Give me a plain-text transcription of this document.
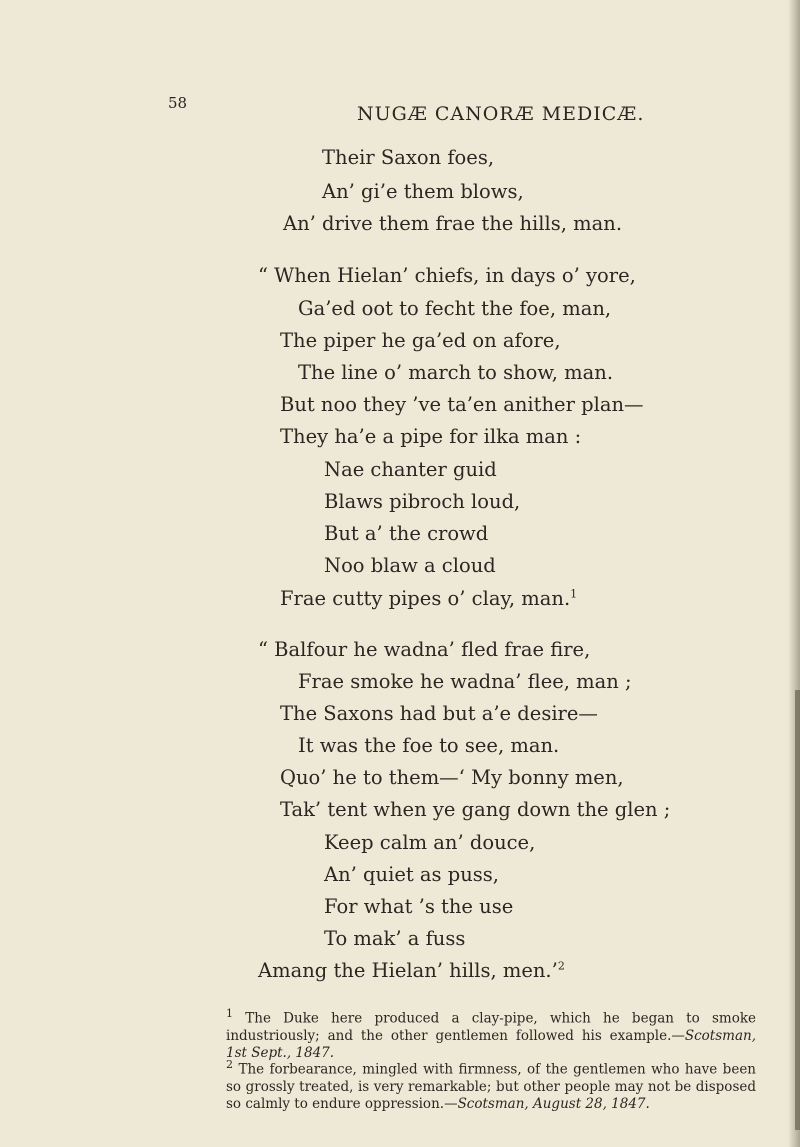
58	NUGÆ CANORÆ MEDICÆ.
Their Saxon foes,
An’ gi’e them blows,
An’ drive them frae the hills, man.
“ When Hielan’ chiefs, in days o’ yore,
Ga’ed oot to fecht the foe, man,
The piper he ga’ed on afore,
The line o’ march to show, man.
But noo they ’ve ta’en anither plan—
They ha’e a pipe for ilka man :
Nae chanter guid
Blaws pibroch loud,
But a’ the crowd
Noo blaw a cloud
Frae cutty pipes o’ clay, man.$^1$
“ Balfour he wadna’ fled frae fire,
Frae smoke he wadna’ flee, man ;
The Saxons had but a’e desire—
It was the foe to see, man.
Quo’ he to them—‘ My bonny men,
Tak’ tent when ye gang down the glen ;
Keep calm an’ douce,
An’ quiet as puss,
For what ’s the use
To mak’ a fuss
Amang the Hielan’ hills, men.’$^2$
$^1$ The Duke here produced a clay-pipe, which he began to smoke industriously; and the other gentlemen followed his example.—Scotsman, 1st Sept., 1847.
$^2$ The forbearance, mingled with firmness, of the gentlemen who have been so grossly treated, is very remarkable; but other people may not be disposed so calmly to endure oppression.—Scotsman, August 28, 1847.
